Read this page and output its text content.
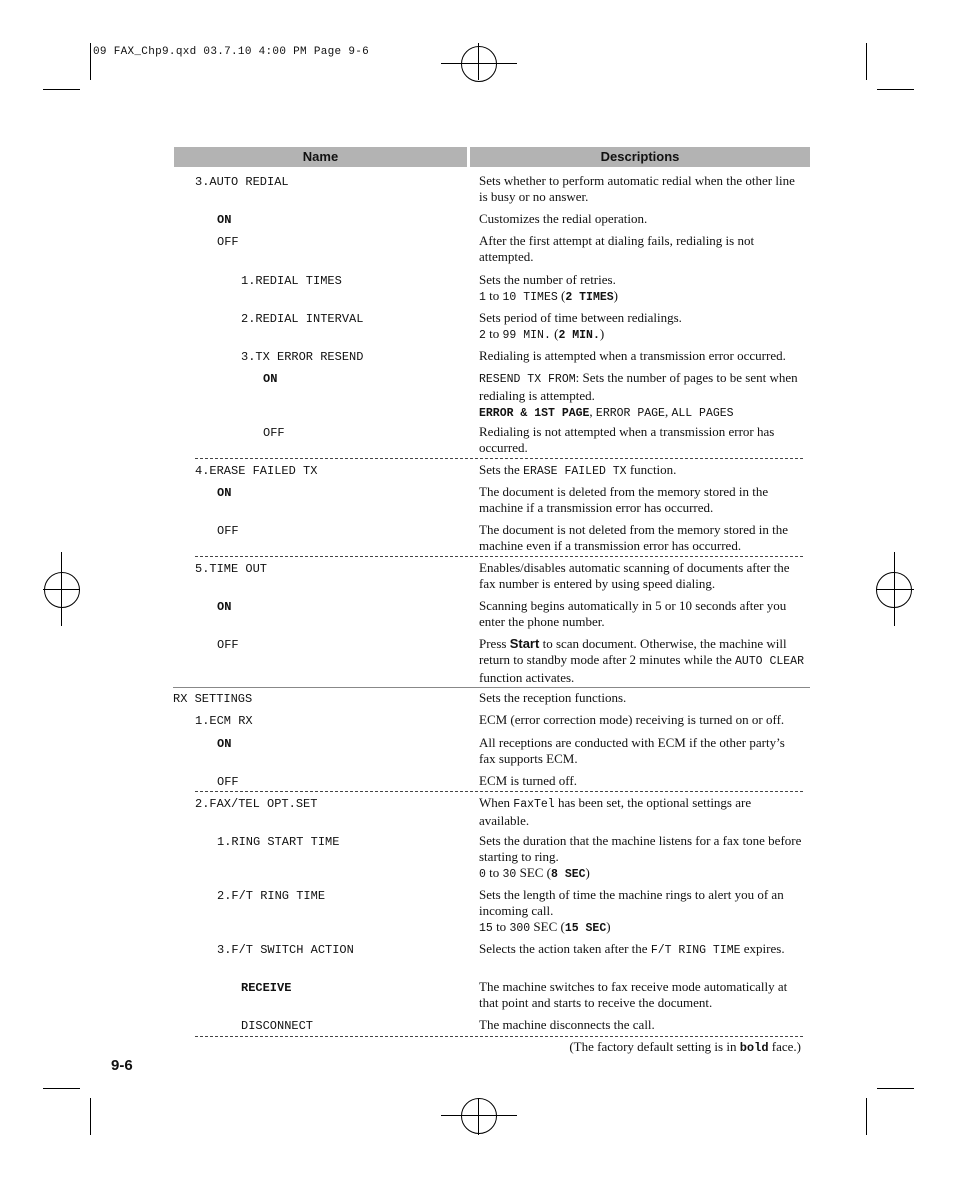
09 FAX_Chp9.qxd 03.7.10 4:00 PM Page 9-6
Name	Descriptions
3.AUTO REDIAL	Sets whether to perform automatic redial when the other line is busy or no answer.
ON	Customizes the redial operation.
OFF	After the first attempt at dialing fails, redialing is not attempted.
1.REDIAL TIMES	Sets the number of retries.
1 to 10 TIMES (2 TIMES)
2.REDIAL INTERVAL	Sets period of time between redialings.
2 to 99 MIN. (2 MIN.)
3.TX ERROR RESEND	Redialing is attempted when a transmission error occurred.
ON	RESEND TX FROM: Sets the number of pages to be sent when redialing is attempted.
ERROR & 1ST PAGE, ERROR PAGE, ALL PAGES
OFF	Redialing is not attempted when a transmission error has occurred.
4.ERASE FAILED TX	Sets the ERASE FAILED TX function.
ON	The document is deleted from the memory stored in the machine if a transmission error has occurred.
OFF	The document is not deleted from the memory stored in the machine even if a transmission error has occurred.
5.TIME OUT	Enables/disables automatic scanning of documents after the fax number is entered by using speed dialing.
ON	Scanning begins automatically in 5 or 10 seconds after you enter the phone number.
OFF	Press Start to scan document. Otherwise, the machine will return to standby mode after 2 minutes while the AUTO CLEAR function activates.
RX SETTINGS	Sets the reception functions.
1.ECM RX	ECM (error correction mode) receiving is turned on or off.
ON	All receptions are conducted with ECM if the other party’s fax supports ECM.
OFF	ECM is turned off.
2.FAX/TEL OPT.SET	When FaxTel has been set, the optional settings are available.
1.RING START TIME	Sets the duration that the machine listens for a fax tone before starting to ring.
0 to 30 SEC (8 SEC)
2.F/T RING TIME	Sets the length of time the machine rings to alert you of an incoming call.
15 to 300 SEC (15 SEC)
3.F/T SWITCH ACTION	Selects the action taken after the F/T RING TIME expires.
RECEIVE	The machine switches to fax receive mode automatically at that point and starts to receive the document.
DISCONNECT	The machine disconnects the call.
(The factory default setting is in bold face.)
9-6
